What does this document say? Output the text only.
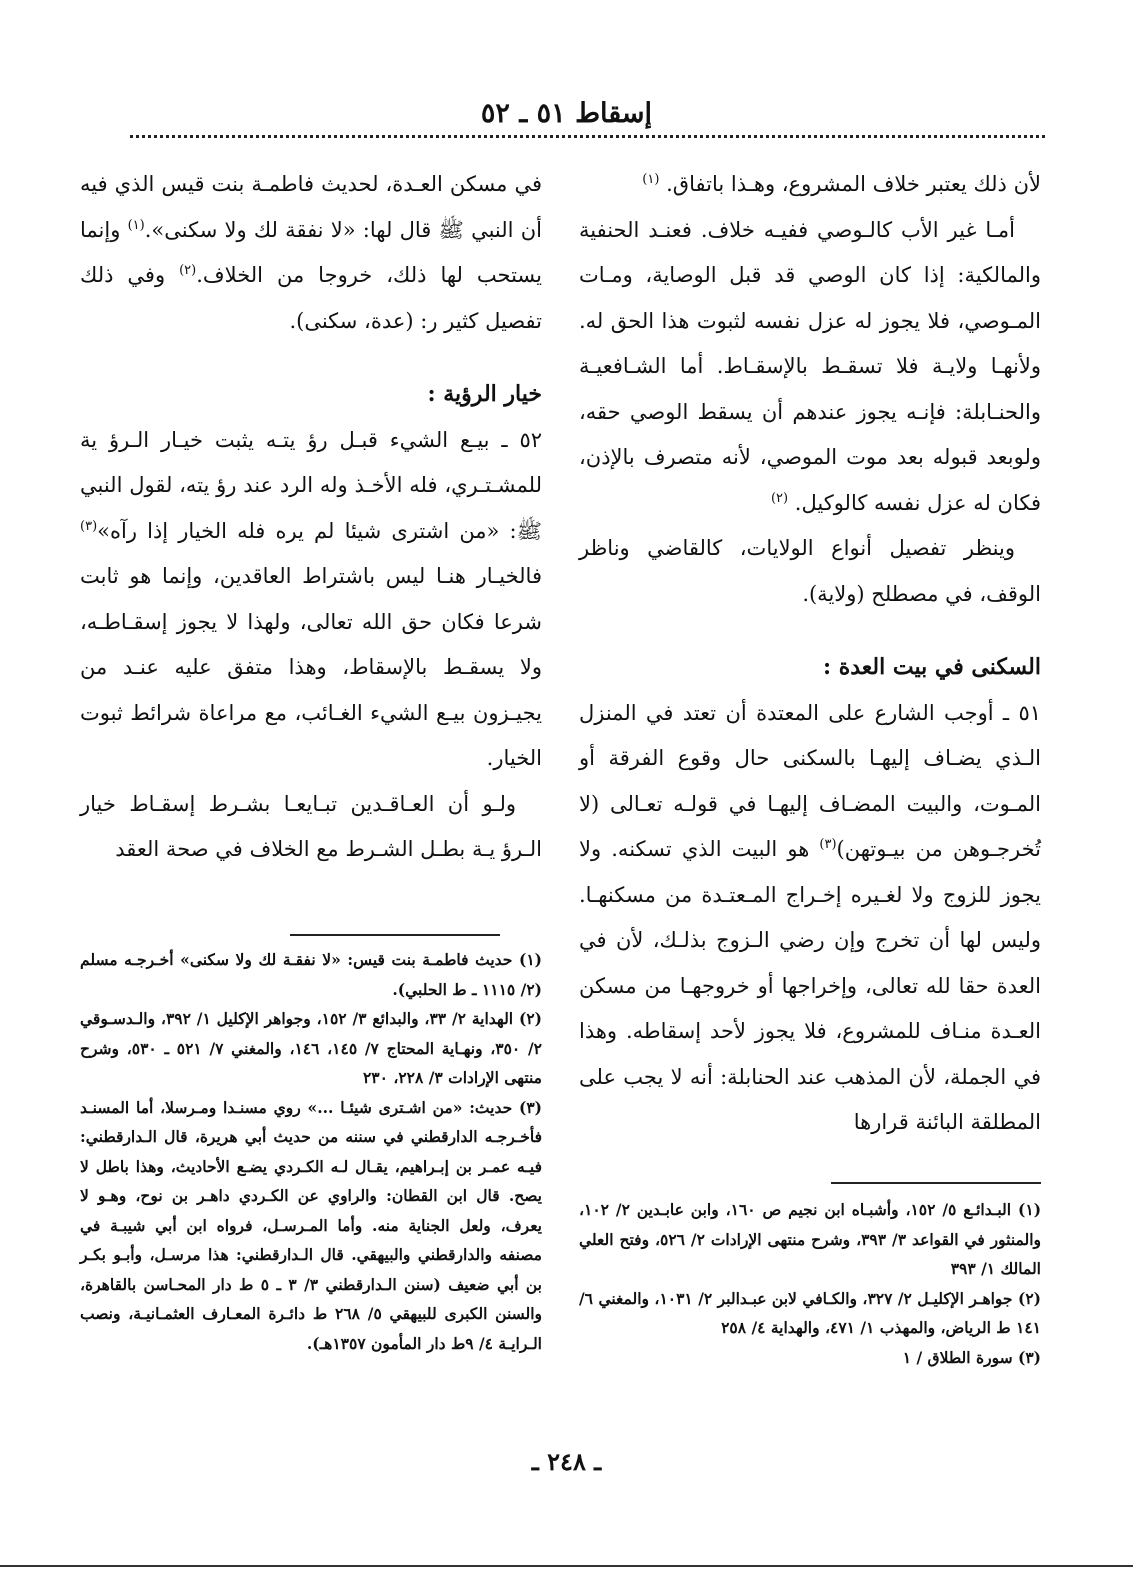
إسقاط ٥١ ـ ٥٢

لأن ذلك يعتبر خلاف المشروع، وهـذا باتفاق. $^{(١)}$

أمـا غير الأب كالـوصي ففيـه خلاف. فعنـد الحنفية والمالكية: إذا كان الوصي قد قبل الوصاية، ومـات المـوصي، فلا يجوز له عزل نفسه لثبوت هذا الحق له. ولأنهـا ولايـة فلا تسقـط بالإسقـاط. أما الشـافعيـة والحنـابلة: فإنـه يجوز عندهم أن يسقط الوصي حقه، ولوبعد قبوله بعد موت الموصي، لأنه متصرف بالإذن، فكان له عزل نفسه كالوكيل. $^{(٢)}$

وينظر تفصيل أنواع الولايات، كالقاضي وناظر الوقف، في مصطلح (ولاية).

السكنى في بيت العدة :

٥١ ـ أوجب الشارع على المعتدة أن تعتد في المنزل الـذي يضـاف إليهـا بالسكنى حال وقوع الفرقة أو المـوت، والبيت المضـاف إليهـا في قولـه تعـالى (لا تُخرجـوهن من بيـوتهن)$^{(٣)}$ هو البيت الذي تسكنه. ولا يجوز للزوج ولا لغـيره إخـراج المـعتـدة من مسكنهـا. وليس لها أن تخرج وإن رضي الـزوج بذلـك، لأن في العدة حقا لله تعالى، وإخراجها أو خروجهـا من مسكن العـدة منـاف للمشروع، فلا يجوز لأحد إسقاطه. وهذا في الجملة، لأن المذهب عند الحنابلة: أنه لا يجب على المطلقة البائنة قرارها

في مسكن العـدة، لحديث فاطمـة بنت قيس الذي فيه أن النبي ﷺ قال لها: «لا نفقة لك ولا سكنى».$^{(١)}$ وإنما يستحب لها ذلك، خروجا من الخلاف.$^{(٢)}$ وفي ذلك تفصيل كثير ر: (عدة، سكنى).

خيار الرؤية :

٥٢ ـ بيـع الشيء قبـل رؤ يتـه يثبت خيـار الـرؤ ية للمشـتـري، فله الأخـذ وله الرد عند رؤ يته، لقول النبي ﷺ: «من اشترى شيئا لم يره فله الخيار إذا رآه»$^{(٣)}$ فالخيـار هنـا ليس باشتراط العاقدين، وإنما هو ثابت شرعا فكان حق الله تعالى، ولهذا لا يجوز إسقـاطـه، ولا يسقـط بالإسقاط، وهذا متفق عليه عنـد من يجيـزون بيـع الشيء الغـائب، مع مراعاة شرائط ثبوت الخيار.

ولـو أن العـاقـدين تبـايعـا بشـرط إسقـاط خيار الـرؤ يـة بطـل الشـرط مع الخلاف في صحة العقد

(١) البـدائـع ٥/ ١٥٢، وأشبـاه ابن نجيم ص ١٦٠، وابن عابـدين ٢/ ١٠٢، والمنثور في القواعد ٣/ ٣٩٣، وشرح منتهى الإرادات ٢/ ٥٢٦، وفتح العلي المالك ١/ ٣٩٣

(٢) جواهـر الإكليـل ٢/ ٣٢٧، والكـافي لابن عبـدالبر ٢/ ١٠٣١، والمغني ٦/ ١٤١ ط الرياض، والمهذب ١/ ٤٧١، والهداية ٤/ ٢٥٨

(٣) سورة الطلاق / ١

(١) حديث فاطمـة بنت قيس: «لا نفقـة لك ولا سكنى» أخـرجـه مسلم (٢/ ١١١٥ ـ ط الحلبي).

(٢) الهداية ٢/ ٣٣، والبدائع ٣/ ١٥٢، وجواهر الإكليل ١/ ٣٩٢، والـدسـوقي ٢/ ٣٥٠، ونهـاية المحتاج ٧/ ١٤٥، ١٤٦، والمغني ٧/ ٥٢١ ـ ٥٣٠، وشرح منتهى الإرادات ٣/ ٢٢٨، ٢٣٠

(٣) حديث: «من اشـترى شيئـا ...» روي مسنـدا ومـرسلا، أما المسنـد فأخـرجـه الدارقطني في سننه من حديث أبي هريرة، قال الـدارقطني: فيـه عمـر بن إبـراهيم، يقـال لـه الكـردي يضـع الأحاديث، وهذا باطل لا يصح. قال ابن القطان: والراوي عن الكـردي داهـر بن نوح، وهـو لا يعرف، ولعل الجناية منه. وأما المـرسـل، فرواه ابن أبي شيبـة في مصنفه والدارقطني والبيهقي. قال الـدارقطني: هذا مرسـل، وأبـو بكـر بن أبي ضعيف (سنن الـدارقطني ٣/ ٣ ـ ٥ ط دار المحـاسن بالقاهرة، والسنن الكبرى للبيهقي ٥/ ٢٦٨ ط دائـرة المعـارف العثمـانيـة، ونصب الـرايـة ٤/ ٩ط دار المأمون ١٣٥٧هـ).

ـ ٢٤٨ ـ
